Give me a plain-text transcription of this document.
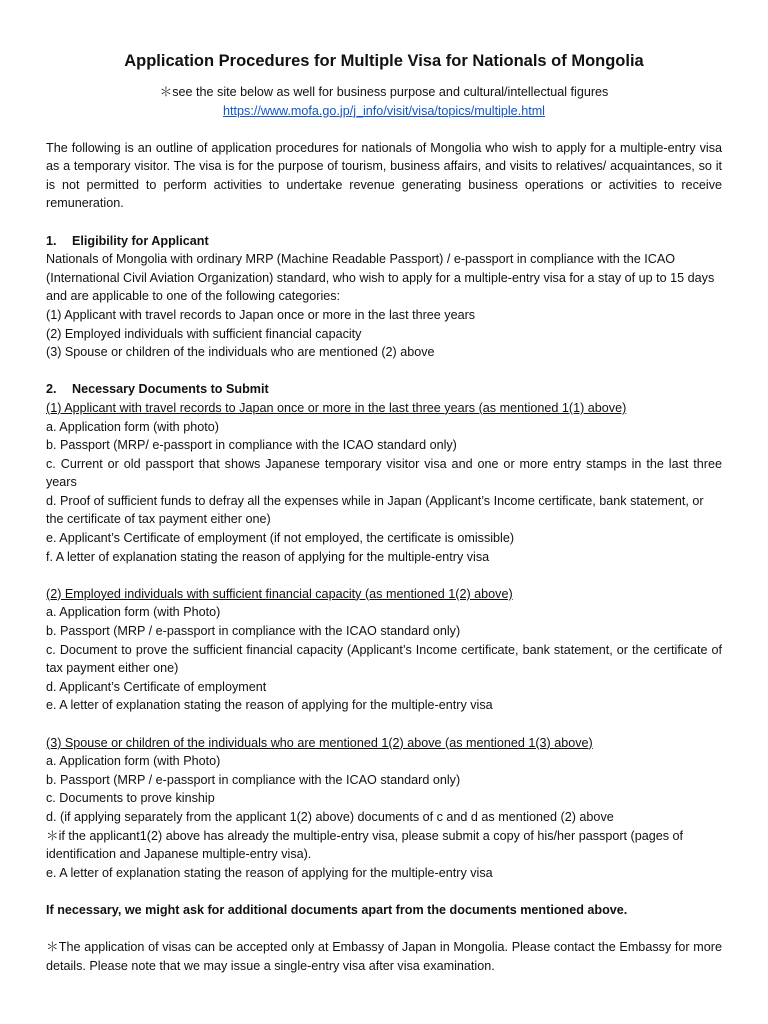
Application Procedures for Multiple Visa for Nationals of Mongolia
＊see the site below as well for business purpose and cultural/intellectual figures
https://www.mofa.go.jp/j_info/visit/visa/topics/multiple.html

The following is an outline of application procedures for nationals of Mongolia who wish to apply for a multiple-entry visa as a temporary visitor. The visa is for the purpose of tourism, business affairs, and visits to relatives/ acquaintances, so it is not permitted to perform activities to undertake revenue generating business operations or activities to receive remuneration.

1. Eligibility for Applicant

Nationals of Mongolia with ordinary MRP (Machine Readable Passport) / e-passport in compliance with the ICAO (International Civil Aviation Organization) standard, who wish to apply for a multiple-entry visa for a stay of up to 15 days and are applicable to one of the following categories:

(1) Applicant with travel records to Japan once or more in the last three years
(2) Employed individuals with sufficient financial capacity
(3) Spouse or children of the individuals who are mentioned (2) above
2. Necessary Documents to Submit
(1) Applicant with travel records to Japan once or more in the last three years (as mentioned 1(1) above)
a. Application form (with photo)
b. Passport (MRP/ e-passport in compliance with the ICAO standard only)

c. Current or old passport that shows Japanese temporary visitor visa and one or more entry stamps in the last three years

d. Proof of sufficient funds to defray all the expenses while in Japan (Applicant’s Income certificate, bank statement, or the certificate of tax payment either one)

e. Applicant’s Certificate of employment (if not employed, the certificate is omissible)
f. A letter of explanation stating the reason of applying for the multiple-entry visa
(2) Employed individuals with sufficient financial capacity (as mentioned 1(2) above)
a. Application form (with Photo)
b. Passport (MRP / e-passport in compliance with the ICAO standard only)

c. Document to prove the sufficient financial capacity (Applicant’s Income certificate, bank statement, or the certificate of tax payment either one)

d. Applicant’s Certificate of employment
e. A letter of explanation stating the reason of applying for the multiple-entry visa
(3) Spouse or children of the individuals who are mentioned 1(2) above (as mentioned 1(3) above)
a. Application form (with Photo)
b. Passport (MRP / e-passport in compliance with the ICAO standard only)
c. Documents to prove kinship
d. (if applying separately from the applicant 1(2) above) documents of c and d as mentioned (2) above

＊if the applicant1(2) above has already the multiple-entry visa, please submit a copy of his/her passport (pages of identification and Japanese multiple-entry visa).

e. A letter of explanation stating the reason of applying for the multiple-entry visa
If necessary, we might ask for additional documents apart from the documents mentioned above.

＊The application of visas can be accepted only at Embassy of Japan in Mongolia. Please contact the Embassy for more details. Please note that we may issue a single-entry visa after visa examination.
